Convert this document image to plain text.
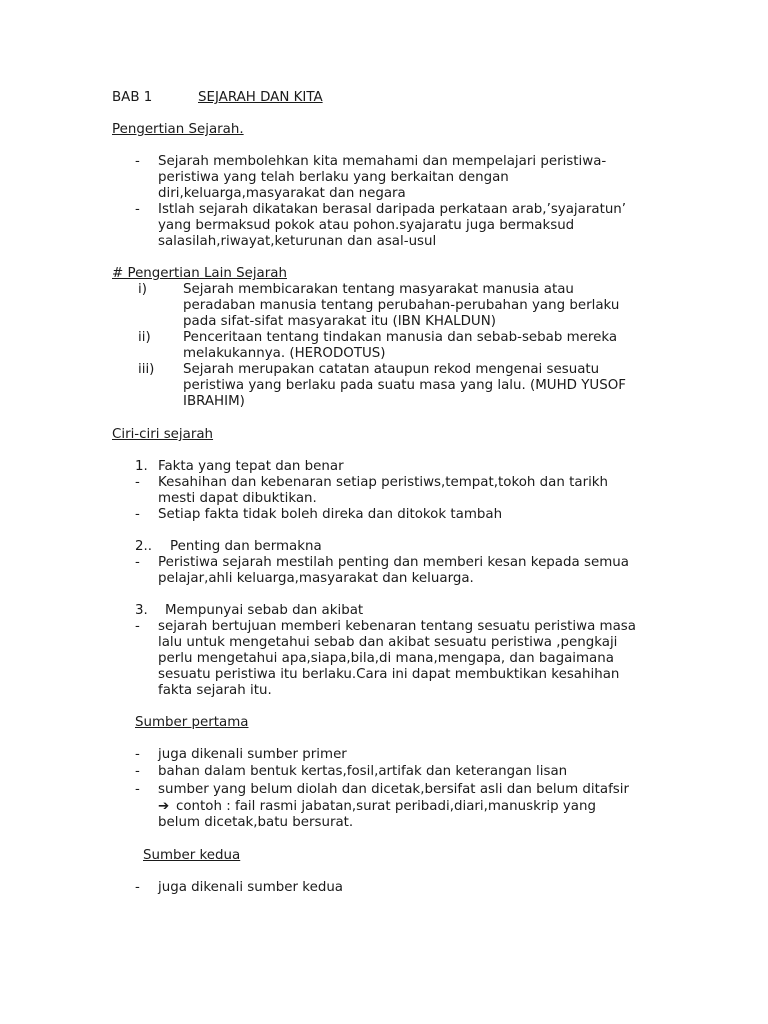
BAB 1	SEJARAH DAN KITA
Pengertian Sejarah.
- Sejarah membolehkan kita memahami dan mempelajari peristiwa-
peristiwa yang telah berlaku yang berkaitan dengan
diri,keluarga,masyarakat dan negara
- Istlah sejarah dikatakan berasal daripada perkataan arab,’syajaratun’
yang bermaksud pokok atau pohon.syajaratu juga bermaksud
salasilah,riwayat,keturunan dan asal-usul
# Pengertian Lain Sejarah
i)	Sejarah membicarakan tentang masyarakat manusia atau
peradaban manusia tentang perubahan-perubahan yang berlaku
pada sifat-sifat masyarakat itu (IBN KHALDUN)
ii) Penceritaan tentang tindakan manusia dan sebab-sebab mereka
melakukannya. (HERODOTUS)
iii) Sejarah merupakan catatan ataupun rekod mengenai sesuatu
peristiwa yang berlaku pada suatu masa yang lalu. (MUHD YUSOF
IBRAHIM)
Ciri-ciri sejarah
1. Fakta yang tepat dan benar
- Kesahihan dan kebenaran setiap peristiws,tempat,tokoh dan tarikh
mesti dapat dibuktikan.
- Setiap fakta tidak boleh direka dan ditokok tambah
2.. Penting dan bermakna
- Peristiwa sejarah mestilah penting dan memberi kesan kepada semua
pelajar,ahli keluarga,masyarakat dan keluarga.
3. Mempunyai sebab dan akibat
- sejarah bertujuan memberi kebenaran tentang sesuatu peristiwa masa
lalu untuk mengetahui sebab dan akibat sesuatu peristiwa ,pengkaji
perlu mengetahui apa,siapa,bila,di mana,mengapa, dan bagaimana
sesuatu peristiwa itu berlaku.Cara ini dapat membuktikan kesahihan
fakta sejarah itu.
Sumber pertama
- juga dikenali sumber primer
- bahan dalam bentuk kertas,fosil,artifak dan keterangan lisan
- sumber yang belum diolah dan dicetak,bersifat asli dan belum ditafsir
➔ contoh : fail rasmi jabatan,surat peribadi,diari,manuskrip yang
belum dicetak,batu bersurat.
Sumber kedua
- juga dikenali sumber kedua
